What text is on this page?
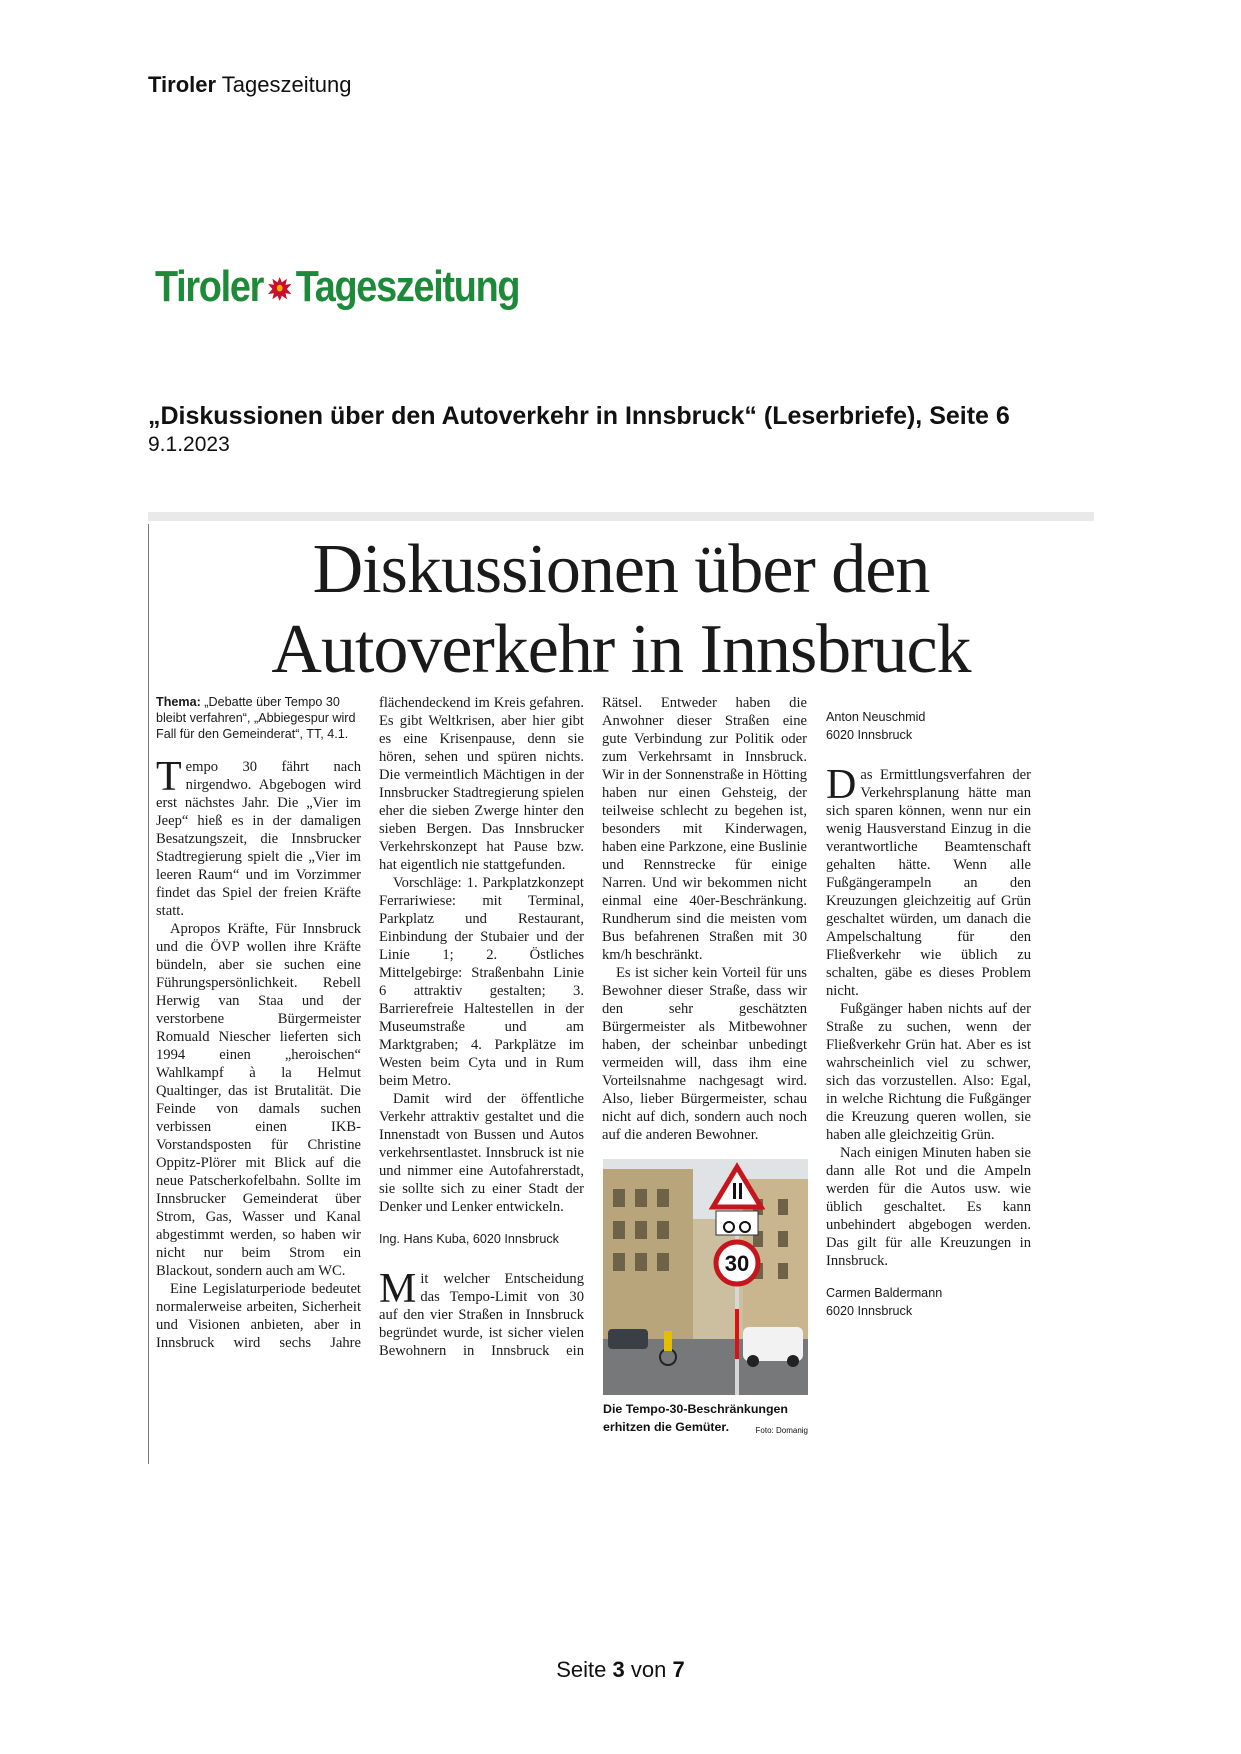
Tiroler Tageszeitung
Tiroler Tageszeitung
„Diskussionen über den Autoverkehr in Innsbruck“ (Leserbriefe), Seite 6
9.1.2023
Diskussionen über den
Autoverkehr in Innsbruck
Thema: „Debatte über Tempo 30 bleibt verfahren“, „Abbiegespur wird Fall für den Gemeinderat“, TT, 4.1.

Tempo 30 fährt nach nirgendwo. Abgebogen wird erst nächstes Jahr. Die „Vier im Jeep“ hieß es in der damaligen Besatzungszeit, die Innsbrucker Stadtregierung spielt die „Vier im leeren Raum“ und im Vorzimmer findet das Spiel der freien Kräfte statt.

Apropos Kräfte, Für Innsbruck und die ÖVP wollen ihre Kräfte bündeln, aber sie suchen eine Führungspersönlichkeit. Rebell Herwig van Staa und der verstorbene Bürgermeister Romuald Niescher lieferten sich 1994 einen „heroischen“ Wahlkampf à la Helmut Qualtinger, das ist Brutalität. Die Feinde von damals suchen verbissen einen IKB-Vorstandsposten für Christine Oppitz-Plörer mit Blick auf die neue Patscherkofelbahn. Sollte im Innsbrucker Gemeinderat über Strom, Gas, Wasser und Kanal abgestimmt werden, so haben wir nicht nur beim Strom ein Blackout, sondern auch am WC.

Eine Legislaturperiode bedeutet normalerweise arbeiten, Sicherheit und Visionen anbieten, aber in Innsbruck wird sechs Jahre flächendeckend im Kreis gefahren. Es gibt Weltkrisen, aber hier gibt es eine Krisenpause, denn sie hören, sehen und spüren nichts. Die vermeintlich Mächtigen in der Innsbrucker Stadtregierung spielen eher die sieben Zwerge hinter den sieben Bergen. Das Innsbrucker Verkehrskonzept hat Pause bzw. hat eigentlich nie stattgefunden.

Vorschläge: 1. Parkplatzkonzept Ferrariwiese: mit Terminal, Parkplatz und Restaurant, Einbindung der Stubaier und der Linie 1; 2. Östliches Mittelgebirge: Straßenbahn Linie 6 attraktiv gestalten; 3. Barrierefreie Haltestellen in der Museumstraße und am Marktgraben; 4. Parkplätze im Westen beim Cyta und in Rum beim Metro.

Damit wird der öffentliche Verkehr attraktiv gestaltet und die Innenstadt von Bussen und Autos verkehrsentlastet. Innsbruck ist nie und nimmer eine Autofahrerstadt, sie sollte sich zu einer Stadt der Denker und Lenker entwickeln.

Ing. Hans Kuba, 6020 Innsbruck

Mit welcher Entscheidung das Tempo-Limit von 30 auf den vier Straßen in Innsbruck begründet wurde, ist sicher vielen Bewohnern in Innsbruck ein Rätsel. Entweder haben die Anwohner dieser Straßen eine gute Verbindung zur Politik oder zum Verkehrsamt in Innsbruck. Wir in der Sonnenstraße in Hötting haben nur einen Gehsteig, der teilweise schlecht zu begehen ist, besonders mit Kinderwagen, haben eine Parkzone, eine Buslinie und Rennstrecke für einige Narren. Und wir bekommen nicht einmal eine 40er-Beschränkung. Rundherum sind die meisten vom Bus befahrenen Straßen mit 30 km/h beschränkt.

Es ist sicher kein Vorteil für uns Bewohner dieser Straße, dass wir den sehr geschätzten Bürgermeister als Mitbewohner haben, der scheinbar unbedingt vermeiden will, dass ihm eine Vorteilsnahme nachgesagt wird. Also, lieber Bürgermeister, schau nicht auf dich, sondern auch noch auf die anderen Bewohner.

Anton Neuschmid
6020 Innsbruck

Das Ermittlungsverfahren der Verkehrsplanung hätte man sich sparen können, wenn nur ein wenig Hausverstand Einzug in die verantwortliche Beamtenschaft gehalten hätte. Wenn alle Fußgängerampeln an den Kreuzungen gleichzeitig auf Grün geschaltet würden, um danach die Ampelschaltung für den Fließverkehr wie üblich zu schalten, gäbe es dieses Problem nicht.

Fußgänger haben nichts auf der Straße zu suchen, wenn der Fließverkehr Grün hat. Aber es ist wahrscheinlich viel zu schwer, sich das vorzustellen. Also: Egal, in welche Richtung die Fußgänger die Kreuzung queren wollen, sie haben alle gleichzeitig Grün.

Nach einigen Minuten haben sie dann alle Rot und die Ampeln werden für die Autos usw. wie üblich geschaltet. Es kann unbehindert abgebogen werden. Das gilt für alle Kreuzungen in Innsbruck.

Carmen Baldermann
6020 Innsbruck
30
Die Tempo-30-Beschränkungen erhitzen die Gemüter.	Foto: Domanig
Seite 3 von 7
